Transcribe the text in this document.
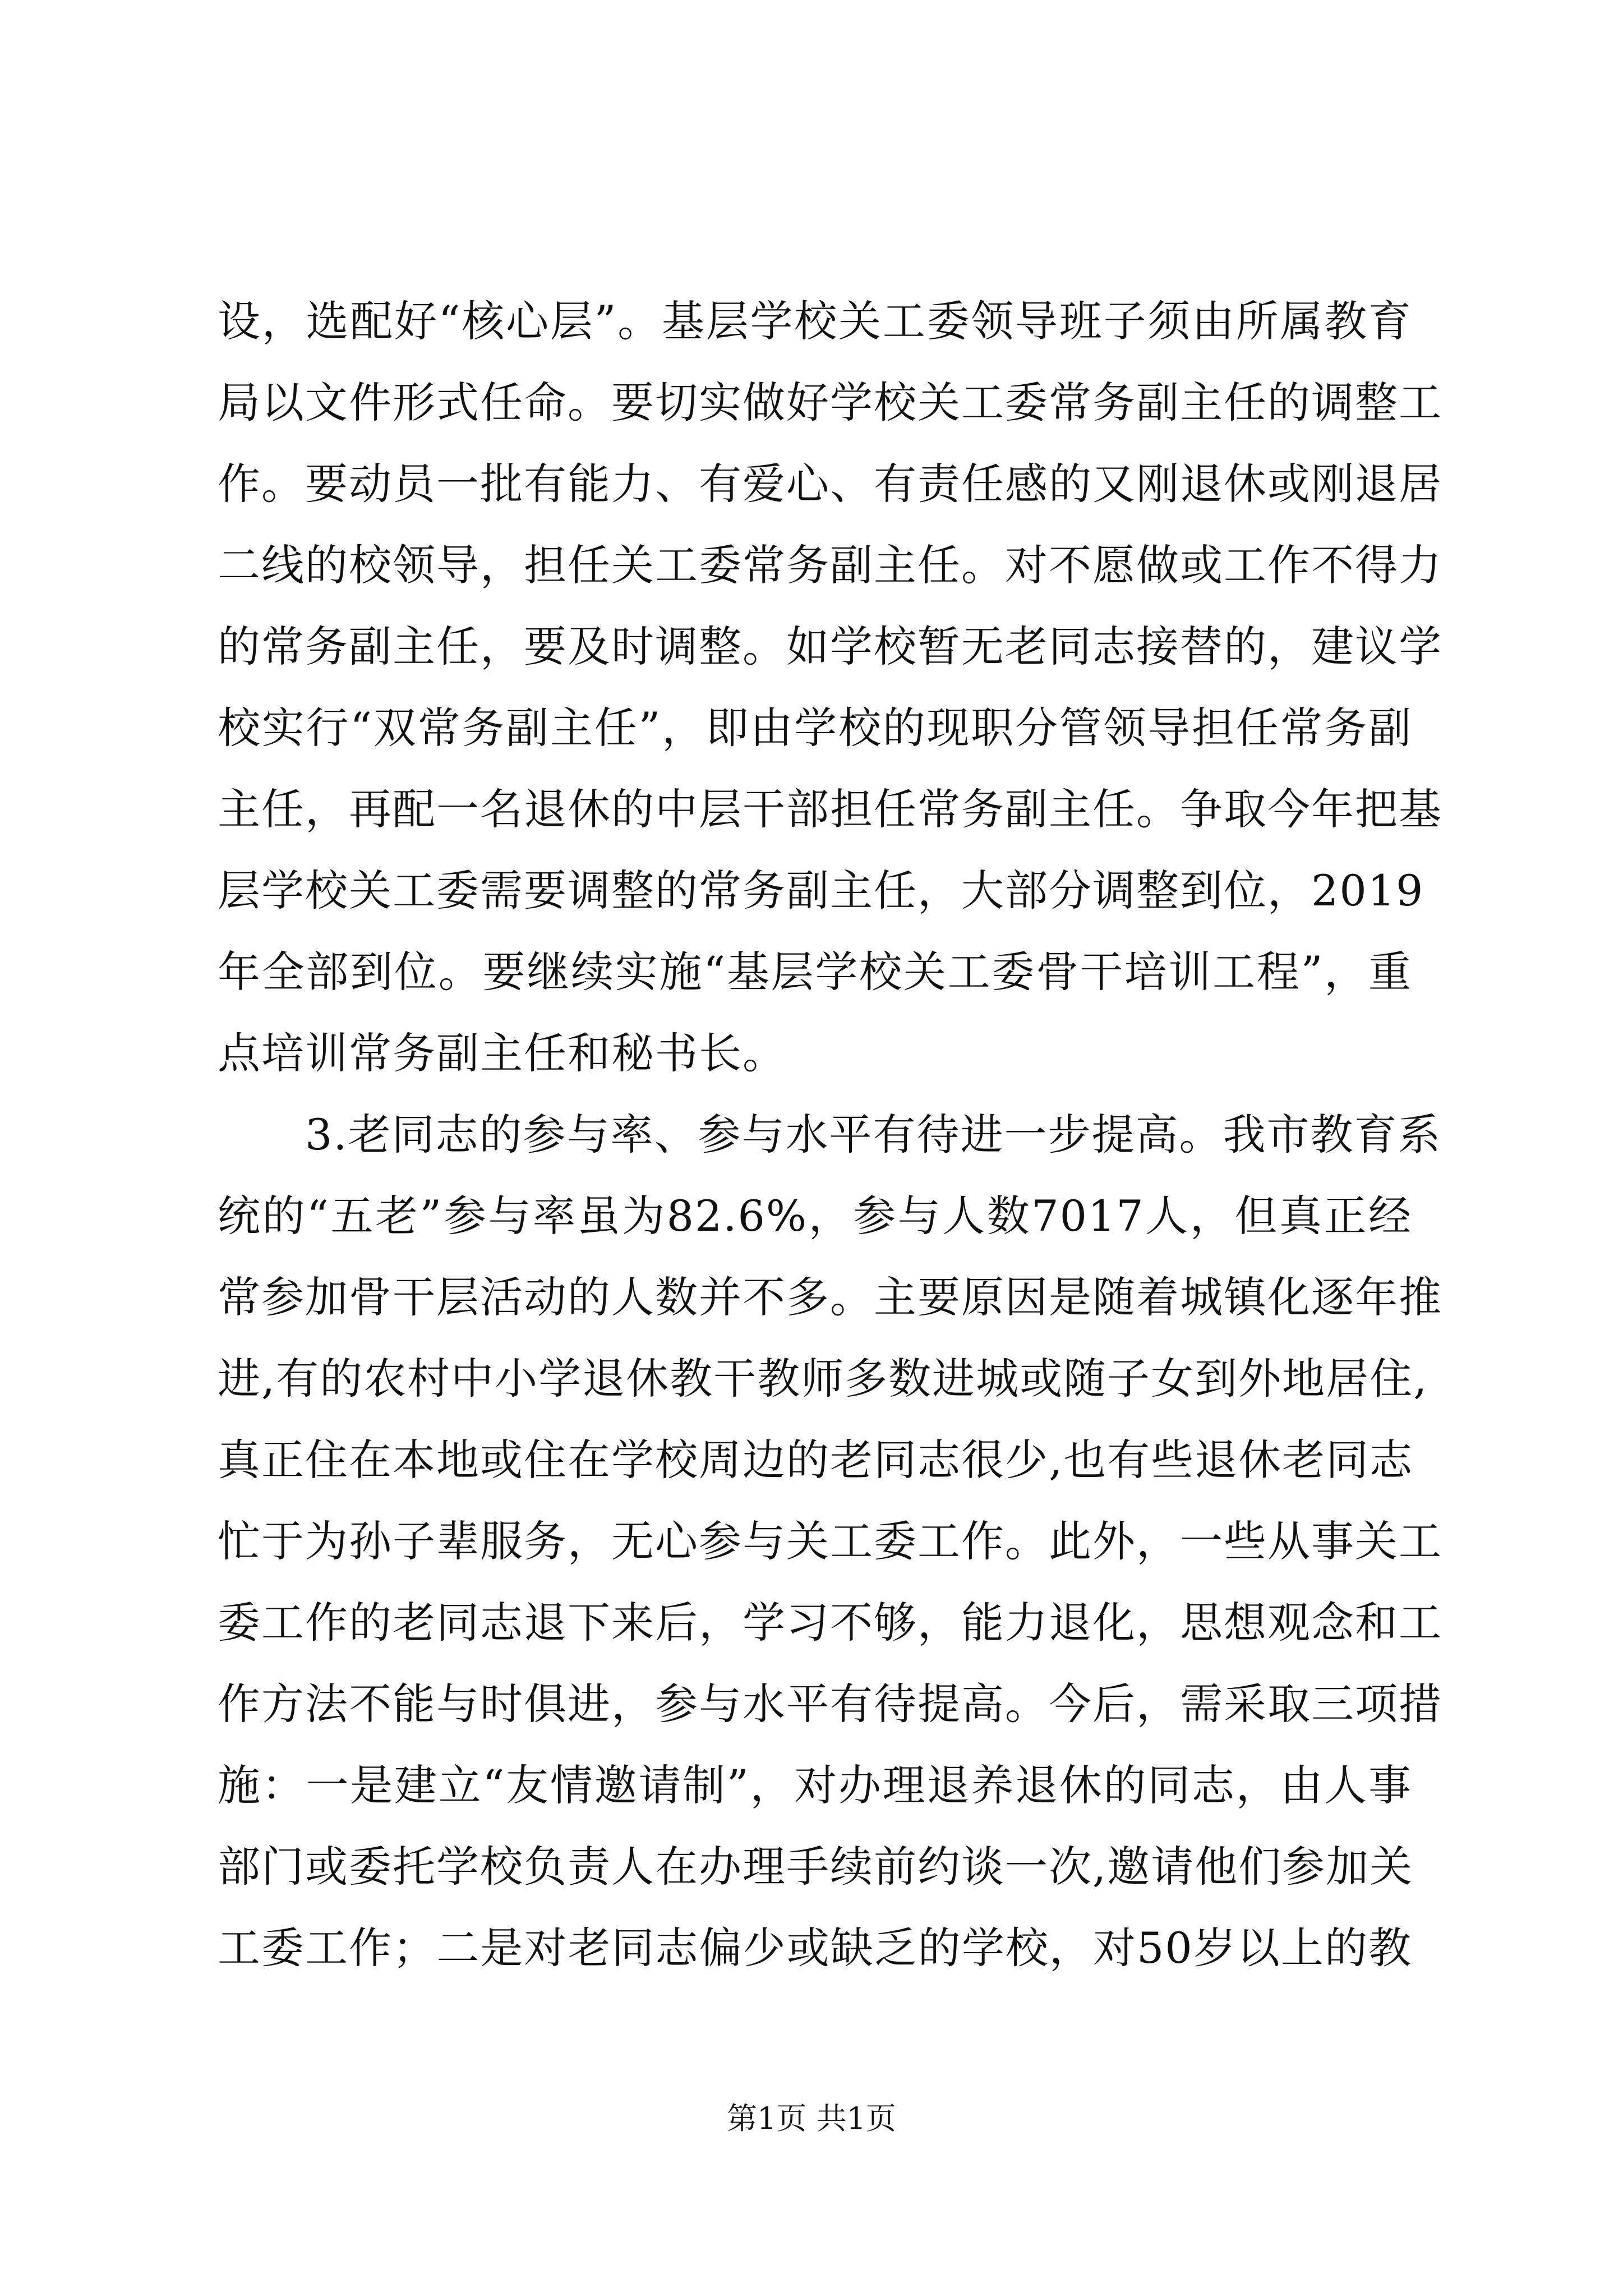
设，选配好“核心层”。基层学校关工委领导班子须由所属教育
局以文件形式任命。要切实做好学校关工委常务副主任的调整工
作。要动员一批有能力、有爱心、有责任感的又刚退休或刚退居
二线的校领导，担任关工委常务副主任。对不愿做或工作不得力
的常务副主任，要及时调整。如学校暂无老同志接替的，建议学
校实行“双常务副主任”，即由学校的现职分管领导担任常务副
主任，再配一名退休的中层干部担任常务副主任。争取今年把基
层学校关工委需要调整的常务副主任，大部分调整到位，2019
年全部到位。要继续实施“基层学校关工委骨干培训工程”，重
点培训常务副主任和秘书长。
　　3.老同志的参与率、参与水平有待进一步提高。我市教育系
统的“五老”参与率虽为82.6%，参与人数7017人，但真正经
常参加骨干层活动的人数并不多。主要原因是随着城镇化逐年推
进,有的农村中小学退休教干教师多数进城或随子女到外地居住,
真正住在本地或住在学校周边的老同志很少,也有些退休老同志
忙于为孙子辈服务，无心参与关工委工作。此外，一些从事关工
委工作的老同志退下来后，学习不够，能力退化，思想观念和工
作方法不能与时俱进，参与水平有待提高。今后，需采取三项措
施：一是建立“友情邀请制”，对办理退养退休的同志，由人事
部门或委托学校负责人在办理手续前约谈一次,邀请他们参加关
工委工作；二是对老同志偏少或缺乏的学校，对50岁以上的教
第1页 共1页
